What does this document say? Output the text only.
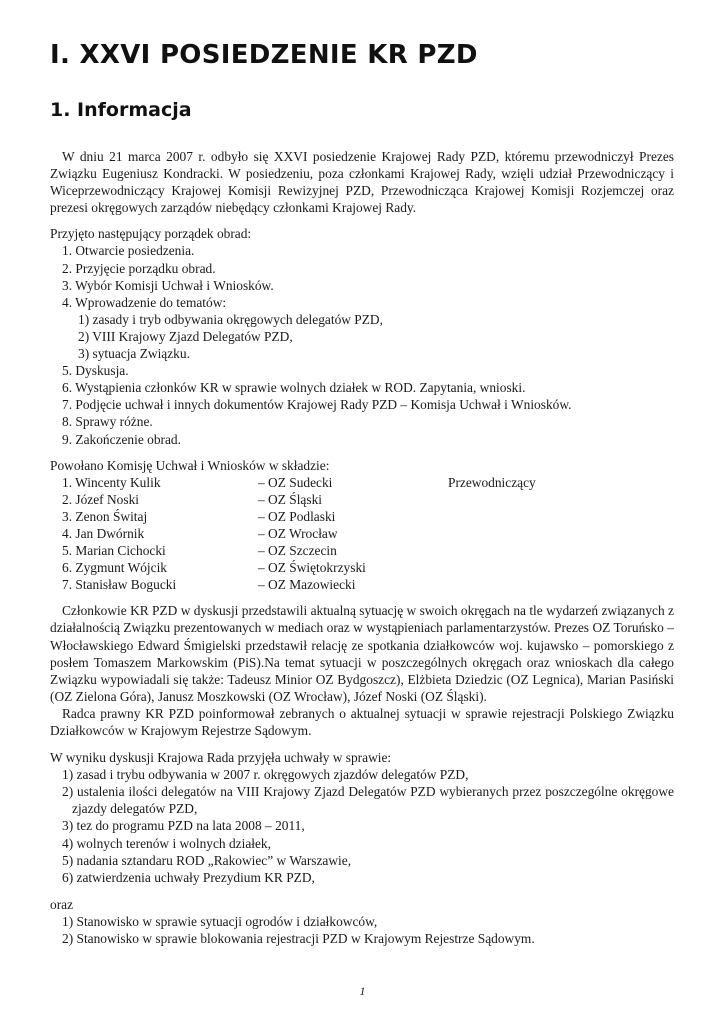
I. XXVI POSIEDZENIE KR PZD
1. Informacja

W dniu 21 marca 2007 r. odbyło się XXVI posiedzenie Krajowej Rady PZD, któremu przewodniczył Prezes Związku Eugeniusz Kondracki. W posiedzeniu, poza członkami Krajowej Rady, wzięli udział Przewodniczący i Wiceprzewodniczący Krajowej Komisji Rewizyjnej PZD, Przewodnicząca Krajowej Komisji Rozjemczej oraz prezesi okręgowych zarządów niebędący członkami Krajowej Rady.

Przyjęto następujący porządek obrad:

1. Otwarcie posiedzenia.
2. Przyjęcie porządku obrad.
3. Wybór Komisji Uchwał i Wniosków.
4. Wprowadzenie do tematów:
1) zasady i tryb odbywania okręgowych delegatów PZD,
2) VIII Krajowy Zjazd Delegatów PZD,
3) sytuacja Związku.
5. Dyskusja.
6. Wystąpienia członków KR w sprawie wolnych działek w ROD. Zapytania, wnioski.
7. Podjęcie uchwał i innych dokumentów Krajowej Rady PZD – Komisja Uchwał i Wniosków.
8. Sprawy różne.
9. Zakończenie obrad.

Powołano Komisję Uchwał i Wniosków w składzie:

1. Wincenty Kulik	– OZ Sudecki	Przewodniczący
2. Józef Noski	– OZ Śląski
3. Zenon Świtaj	– OZ Podlaski
4. Jan Dwórnik	– OZ Wrocław
5. Marian Cichocki	– OZ Szczecin
6. Zygmunt Wójcik	– OZ Świętokrzyski
7. Stanisław Bogucki	– OZ Mazowiecki

Członkowie KR PZD w dyskusji przedstawili aktualną sytuację w swoich okręgach na tle wydarzeń związanych z działalnością Związku prezentowanych w mediach oraz w wystąpieniach parlamentarzystów. Prezes OZ Toruńsko – Włocławskiego Edward Śmigielski przedstawił relację ze spotkania działkowców woj. kujawsko – pomorskiego z posłem Tomaszem Markowskim (PiS).Na temat sytuacji w poszczególnych okręgach oraz wnioskach dla całego Związku wypowiadali się także: Tadeusz Minior OZ Bydgoszcz), Elżbieta Dziedzic (OZ Legnica), Marian Pasiński (OZ Zielona Góra), Janusz Moszkowski (OZ Wrocław), Józef Noski (OZ Śląski).

Radca prawny KR PZD poinformował zebranych o aktualnej sytuacji w sprawie rejestracji Polskiego Związku Działkowców w Krajowym Rejestrze Sądowym.

W wyniku dyskusji Krajowa Rada przyjęła uchwały w sprawie:

1) zasad i trybu odbywania w 2007 r. okręgowych zjazdów delegatów PZD,
2) ustalenia ilości delegatów na VIII Krajowy Zjazd Delegatów PZD wybieranych przez poszczególne okręgowe zjazdy delegatów PZD,
3) tez do programu PZD na lata 2008 – 2011,
4) wolnych terenów i wolnych działek,
5) nadania sztandaru ROD „Rakowiec” w Warszawie,
6) zatwierdzenia uchwały Prezydium KR PZD,

oraz

1) Stanowisko w sprawie sytuacji ogrodów i działkowców,
2) Stanowisko w sprawie blokowania rejestracji PZD w Krajowym Rejestrze Sądowym.
1
